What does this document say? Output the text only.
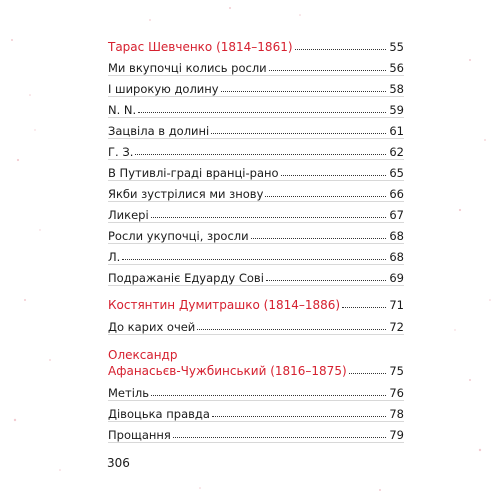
Тарас Шевченко (1814–1861)	55
Ми вкупочці колись росли	56
І широкую долину	58
N. N.	59
Зацвіла в долині	61
Г. З.	62
В Путивлі-граді вранці-рано	65
Якби зустрілися ми знову	66
Ликері	67
Росли укупочці, зросли	68
Л.	68
Подражаніє Едуарду Сові	69
Костянтин Думитрашко (1814–1886)	71
До карих очей	72
Олександр
Афанасьєв-Чужбинський (1816–1875)	75
Метіль	76
Дівоцька правда	78
Прощання	79
306
